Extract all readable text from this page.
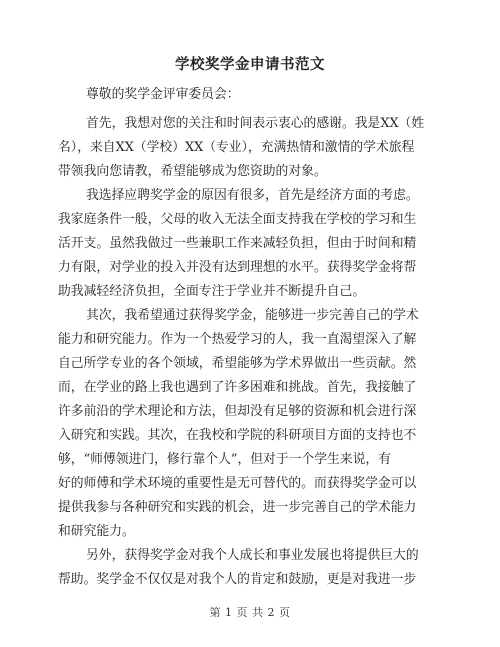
学校奖学金申请书范文

尊敬的奖学金评审委员会：

首先，我想对您的关注和时间表示衷心的感谢。我是XX（姓

名），来自XX（学校）XX（专业），充满热情和激情的学术旅程

带领我向您请教，希望能够成为您资助的对象。

我选择应聘奖学金的原因有很多，首先是经济方面的考虑。

我家庭条件一般，父母的收入无法全面支持我在学校的学习和生

活开支。虽然我做过一些兼职工作来减轻负担，但由于时间和精

力有限，对学业的投入并没有达到理想的水平。获得奖学金将帮

助我减轻经济负担，全面专注于学业并不断提升自己。

其次，我希望通过获得奖学金，能够进一步完善自己的学术

能力和研究能力。作为一个热爱学习的人，我一直渴望深入了解

自己所学专业的各个领域，希望能够为学术界做出一些贡献。然

而，在学业的路上我也遇到了许多困难和挑战。首先，我接触了

许多前沿的学术理论和方法，但却没有足够的资源和机会进行深

入研究和实践。其次，在我校和学院的科研项目方面的支持也不

够，“师傅领进门，修行靠个人”，但对于一个学生来说，有

好的师傅和学术环境的重要性是无可替代的。而获得奖学金可以

提供我参与各种研究和实践的机会，进一步完善自己的学术能力

和研究能力。

另外，获得奖学金对我个人成长和事业发展也将提供巨大的

帮助。奖学金不仅仅是对我个人的肯定和鼓励，更是对我进一步

第 1 页 共 2 页
